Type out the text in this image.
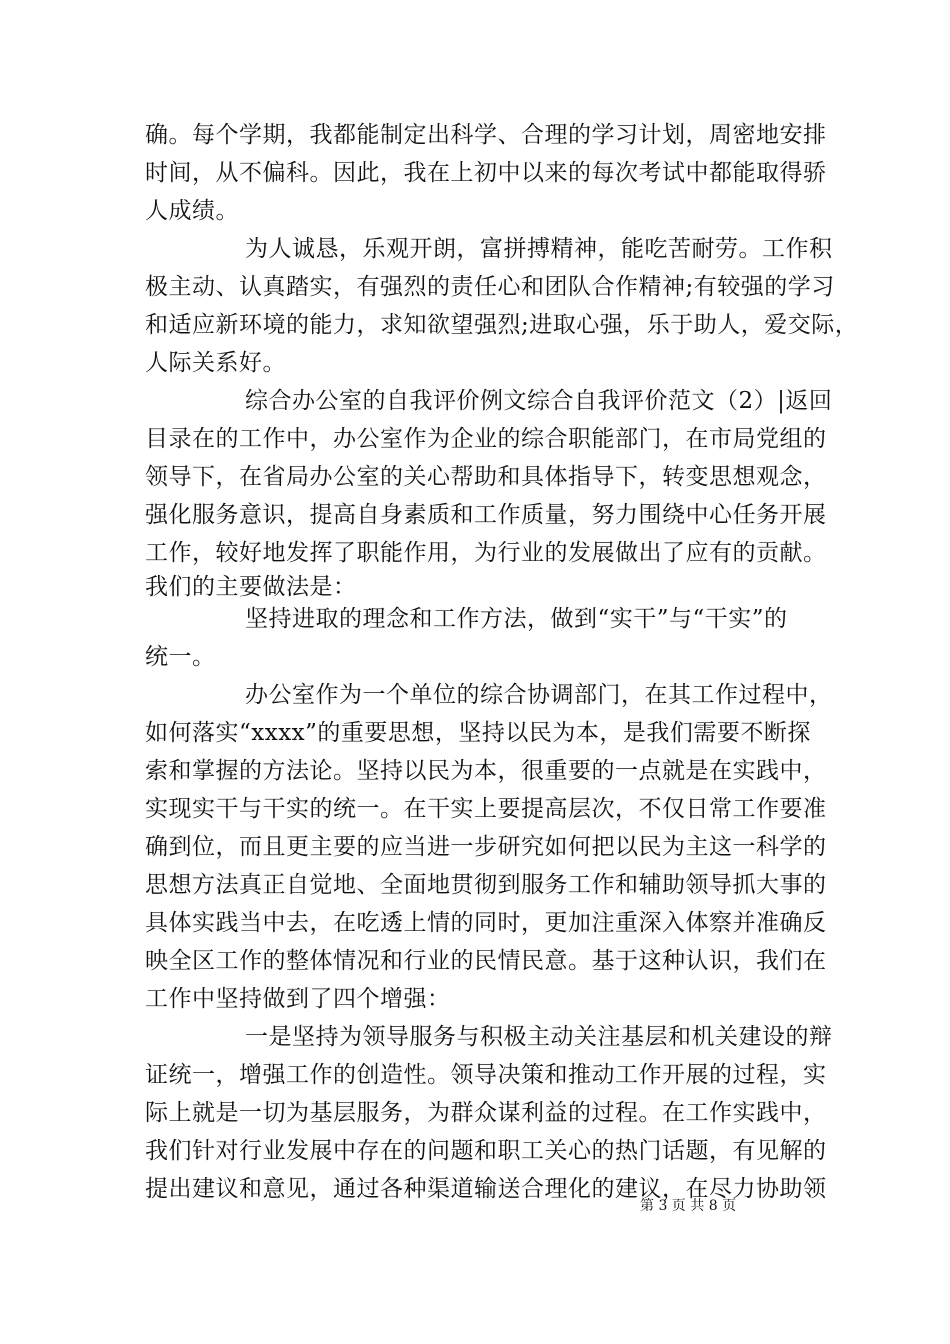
确。每个学期，我都能制定出科学、合理的学习计划，周密地安排
时间，从不偏科。因此，我在上初中以来的每次考试中都能取得骄
人成绩。
为人诚恳，乐观开朗，富拼搏精神，能吃苦耐劳。工作积
极主动、认真踏实，有强烈的责任心和团队合作精神;有较强的学习
和适应新环境的能力，求知欲望强烈;进取心强，乐于助人，爱交际，
人际关系好。
综合办公室的自我评价例文综合自我评价范文（2）|返回
目录在的工作中，办公室作为企业的综合职能部门，在市局党组的
领导下，在省局办公室的关心帮助和具体指导下，转变思想观念，
强化服务意识，提高自身素质和工作质量，努力围绕中心任务开展
工作，较好地发挥了职能作用，为行业的发展做出了应有的贡献。
我们的主要做法是：
坚持进取的理念和工作方法，做到“实干”与“干实”的
统一。
办公室作为一个单位的综合协调部门，在其工作过程中，
如何落实“xxxx”的重要思想，坚持以民为本，是我们需要不断探
索和掌握的方法论。坚持以民为本，很重要的一点就是在实践中，
实现实干与干实的统一。在干实上要提高层次，不仅日常工作要准
确到位，而且更主要的应当进一步研究如何把以民为主这一科学的
思想方法真正自觉地、全面地贯彻到服务工作和辅助领导抓大事的
具体实践当中去，在吃透上情的同时，更加注重深入体察并准确反
映全区工作的整体情况和行业的民情民意。基于这种认识，我们在
工作中坚持做到了四个增强：
一是坚持为领导服务与积极主动关注基层和机关建设的辩
证统一，增强工作的创造性。领导决策和推动工作开展的过程，实
际上就是一切为基层服务，为群众谋利益的过程。在工作实践中，
我们针对行业发展中存在的问题和职工关心的热门话题，有见解的
提出建议和意见，通过各种渠道输送合理化的建议，在尽力协助领
第 3 页 共 8 页
